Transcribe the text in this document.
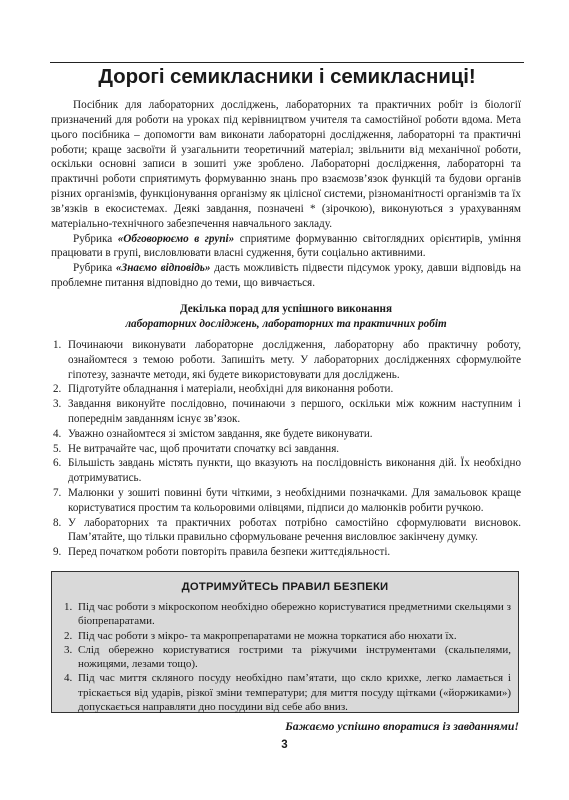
Дорогі семикласники і семикласниці!

Посібник для лабораторних досліджень, лабораторних та практичних робіт із біології призначений для роботи на уроках під керівництвом учителя та самостійної роботи вдома. Мета цього посібника – допомогти вам виконати лабораторні дослідження, лабораторні та практичні роботи; краще засвоїти й узагальнити теоретичний матеріал; звільнити від механічної роботи, оскільки основні записи в зошиті уже зроблено. Лабораторні дослідження, лабораторні та практичні роботи сприятимуть формуванню знань про взаємозв’язок функцій та будови органів різних організмів, функціонування організму як цілісної системи, різноманітності організмів та їх зв’язків в екосистемах. Деякі завдання, позначені * (зірочкою), виконуються з урахуванням матеріально-технічного забезпечення навчального закладу.

Рубрика «Обговорюємо в групі» сприятиме формуванню світоглядних орієнтирів, уміння працювати в групі, висловлювати власні судження, бути соціально активними.

Рубрика «Знаємо відповідь» дасть можливість підвести підсумок уроку, давши відповідь на проблемне питання відповідно до теми, що вивчається.

Декілька порад для успішного виконання
лабораторних досліджень, лабораторних та практичних робіт
1. Починаючи виконувати лабораторне дослідження, лабораторну або практичну роботу, ознайомтеся з темою роботи. Запишіть мету. У лабораторних дослідженнях сформулюйте гіпотезу, зазначте методи, які будете використовувати для досліджень.
2. Підготуйте обладнання і матеріали, необхідні для виконання роботи.
3. Завдання виконуйте послідовно, починаючи з першого, оскільки між кожним наступним і попереднім завданням існує зв’язок.
4. Уважно ознайомтеся зі змістом завдання, яке будете виконувати.
5. Не витрачайте час, щоб прочитати спочатку всі завдання.
6. Більшість завдань містять пункти, що вказують на послідовність виконання дій. Їх необхідно дотримуватись.
7. Малюнки у зошиті повинні бути чіткими, з необхідними позначками. Для замальовок краще користуватися простим та кольоровими олівцями, підписи до малюнків робити ручкою.
8. У лабораторних та практичних роботах потрібно самостійно сформулювати висновок. Пам’ятайте, що тільки правильно сформульоване речення висловлює закінчену думку.
9. Перед початком роботи повторіть правила безпеки життєдіяльності.
ДОТРИМУЙТЕСЬ ПРАВИЛ БЕЗПЕКИ
1. Під час роботи з мікроскопом необхідно обережно користуватися предметними скельцями з біопрепаратами.
2. Під час роботи з мікро- та макропрепаратами не можна торкатися або нюхати їх.
3. Слід обережно користуватися гострими та ріжучими інструментами (скальпелями, ножицями, лезами тощо).
4. Під час миття скляного посуду необхідно пам’ятати, що скло крихке, легко ламається і тріскається від ударів, різкої зміни температури; для миття посуду щітками («йоржиками») допускається направляти дно посудини від себе або вниз.
Бажаємо успішно впоратися із завданнями!
3
